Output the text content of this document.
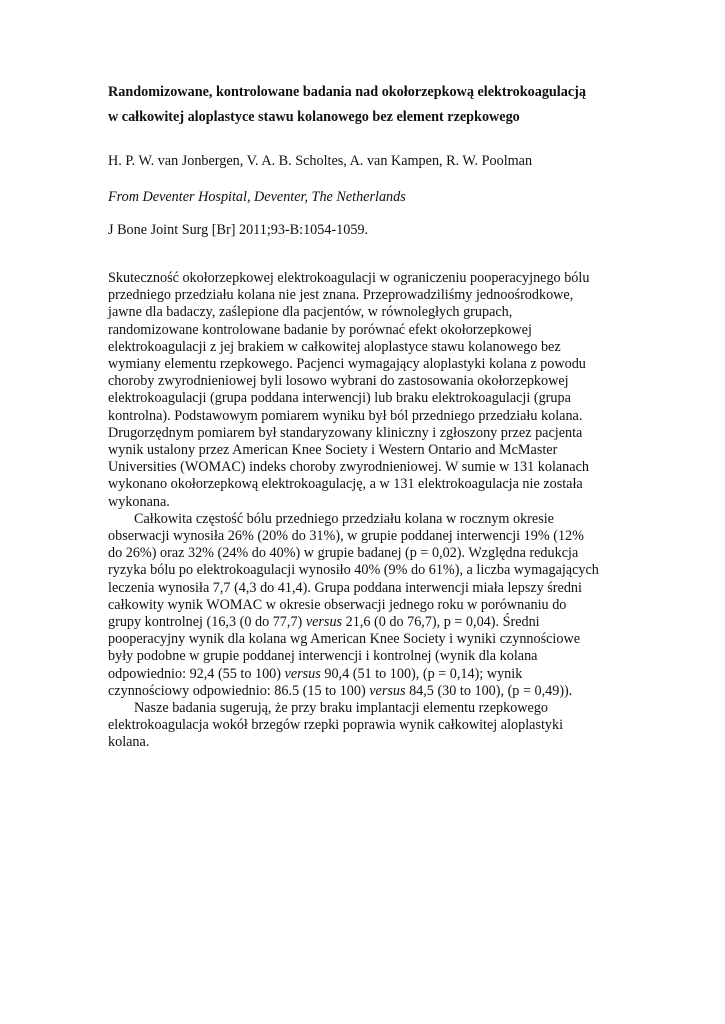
Randomizowane, kontrolowane badania nad okołorzepkową elektrokoagulacją
w całkowitej aloplastyce stawu kolanowego bez element rzepkowego

H. P. W. van Jonbergen, V. A. B. Scholtes, A. van Kampen, R. W. Poolman

From Deventer Hospital, Deventer, The Netherlands

J Bone Joint Surg [Br] 2011;93-B:1054-1059.

Skuteczność okołorzepkowej elektrokoagulacji w ograniczeniu pooperacyjnego bólu
przedniego przedziału kolana nie jest znana. Przeprowadziliśmy jednoośrodkowe,
jawne dla badaczy, zaślepione dla pacjentów, w równoległych grupach,
randomizowane kontrolowane badanie by porównać efekt okołorzepkowej
elektrokoagulacji z jej brakiem w całkowitej aloplastyce stawu kolanowego bez
wymiany elementu rzepkowego. Pacjenci wymagający aloplastyki kolana z powodu
choroby zwyrodnieniowej byli losowo wybrani do zastosowania okołorzepkowej
elektrokoagulacji (grupa poddana interwencji) lub braku elektrokoagulacji (grupa
kontrolna). Podstawowym pomiarem wyniku był ból przedniego przedziału kolana.
Drugorzędnym pomiarem był standaryzowany kliniczny i zgłoszony przez pacjenta
wynik ustalony przez American Knee Society i Western Ontario and McMaster
Universities (WOMAC) indeks choroby zwyrodnieniowej. W sumie w 131 kolanach
wykonano okołorzepkową elektrokoagulację, a w 131 elektrokoagulacja nie została
wykonana.
Całkowita częstość bólu przedniego przedziału kolana w rocznym okresie
obserwacji wynosiła 26% (20% do 31%), w grupie poddanej interwencji 19% (12%
do 26%) oraz 32% (24% do 40%) w grupie badanej (p = 0,02). Względna redukcja
ryzyka bólu po elektrokoagulacji wynosiło 40% (9% do 61%), a liczba wymagających
leczenia wynosiła 7,7 (4,3 do 41,4). Grupa poddana interwencji miała lepszy średni
całkowity wynik WOMAC w okresie obserwacji jednego roku w porównaniu do
grupy kontrolnej (16,3 (0 do 77,7) versus 21,6 (0 do 76,7), p = 0,04). Średni
pooperacyjny wynik dla kolana wg American Knee Society i wyniki czynnościowe
były podobne w grupie poddanej interwencji i kontrolnej (wynik dla kolana
odpowiednio: 92,4 (55 to 100) versus 90,4 (51 to 100), (p = 0,14); wynik
czynnościowy odpowiednio: 86.5 (15 to 100) versus 84,5 (30 to 100), (p = 0,49)).
Nasze badania sugerują, że przy braku implantacji elementu rzepkowego
elektrokoagulacja wokół brzegów rzepki poprawia wynik całkowitej aloplastyki
kolana.
